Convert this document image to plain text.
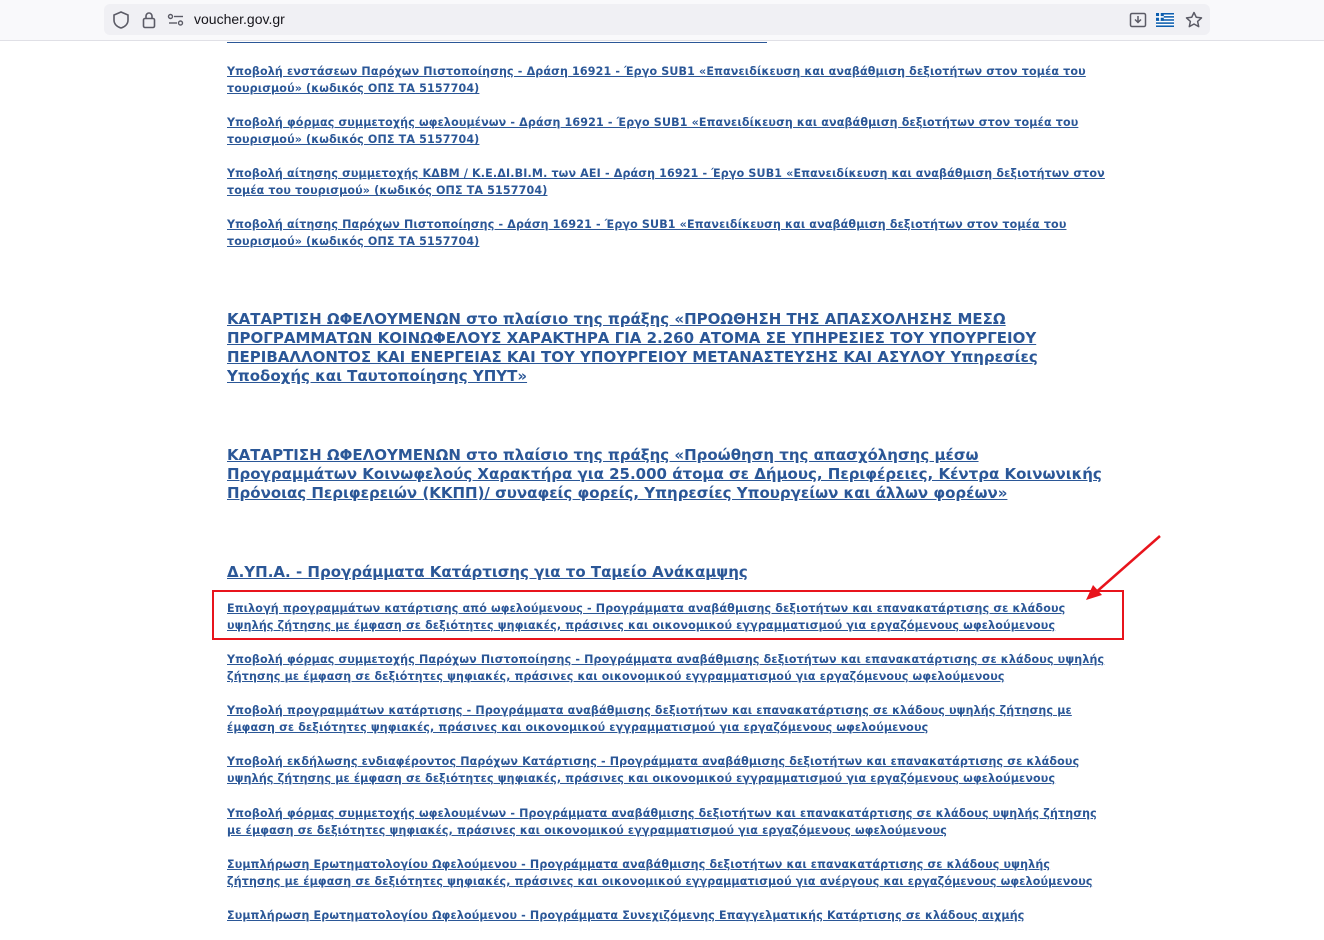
voucher.gov.gr
Υποβολή ενστάσεων Παρόχων Πιστοποίησης - Δράση 16921 - Έργο SUB1 «Επανειδίκευση και αναβάθμιση δεξιοτήτων στον τομέα του τουρισμού» (κωδικός ΟΠΣ ΤΑ 5157704)
Υποβολή φόρμας συμμετοχής ωφελουμένων - Δράση 16921 - Έργο SUB1 «Επανειδίκευση και αναβάθμιση δεξιοτήτων στον τομέα του τουρισμού» (κωδικός ΟΠΣ ΤΑ 5157704)
Υποβολή αίτησης συμμετοχής ΚΔΒΜ / Κ.Ε.ΔΙ.ΒΙ.Μ. των ΑΕΙ - Δράση 16921 - Έργο SUB1 «Επανειδίκευση και αναβάθμιση δεξιοτήτων στον τομέα του τουρισμού» (κωδικός ΟΠΣ ΤΑ 5157704)
Υποβολή αίτησης Παρόχων Πιστοποίησης - Δράση 16921 - Έργο SUB1 «Επανειδίκευση και αναβάθμιση δεξιοτήτων στον τομέα του τουρισμού» (κωδικός ΟΠΣ ΤΑ 5157704)
ΚΑΤΑΡΤΙΣΗ ΩΦΕΛΟΥΜΕΝΩΝ στο πλαίσιο της πράξης «ΠΡΟΩΘΗΣΗ ΤΗΣ ΑΠΑΣΧΟΛΗΣΗΣ ΜΕΣΩ ΠΡΟΓΡΑΜΜΑΤΩΝ ΚΟΙΝΩΦΕΛΟΥΣ ΧΑΡΑΚΤΗΡΑ ΓΙΑ 2.260 ΑΤΟΜΑ ΣΕ ΥΠΗΡΕΣΙΕΣ ΤΟΥ ΥΠΟΥΡΓΕΙΟΥ ΠΕΡΙΒΑΛΛΟΝΤΟΣ ΚΑΙ ΕΝΕΡΓΕΙΑΣ ΚΑΙ ΤΟΥ ΥΠΟΥΡΓΕΙΟΥ ΜΕΤΑΝΑΣΤΕΥΣΗΣ ΚΑΙ ΑΣΥΛΟΥ Υπηρεσίες Υποδοχής και Ταυτοποίησης ΥΠΥΤ»
ΚΑΤΑΡΤΙΣΗ ΩΦΕΛΟΥΜΕΝΩΝ στο πλαίσιο της πράξης «Προώθηση της απασχόλησης μέσω Προγραμμάτων Κοινωφελούς Χαρακτήρα για 25.000 άτομα σε Δήμους, Περιφέρειες, Κέντρα Κοινωνικής Πρόνοιας Περιφερειών (ΚΚΠΠ)/ συναφείς φορείς, Υπηρεσίες Υπουργείων και άλλων φορέων»
Δ.ΥΠ.Α. - Προγράμματα Κατάρτισης για το Ταμείο Ανάκαμψης
Επιλογή προγραμμάτων κατάρτισης από ωφελούμενους - Προγράμματα αναβάθμισης δεξιοτήτων και επανακατάρτισης σε κλάδους υψηλής ζήτησης με έμφαση σε δεξιότητες ψηφιακές, πράσινες και οικονομικού εγγραμματισμού για εργαζόμενους ωφελούμενους
Υποβολή φόρμας συμμετοχής Παρόχων Πιστοποίησης - Προγράμματα αναβάθμισης δεξιοτήτων και επανακατάρτισης σε κλάδους υψηλής ζήτησης με έμφαση σε δεξιότητες ψηφιακές, πράσινες και οικονομικού εγγραμματισμού για εργαζόμενους ωφελούμενους
Υποβολή προγραμμάτων κατάρτισης - Προγράμματα αναβάθμισης δεξιοτήτων και επανακατάρτισης σε κλάδους υψηλής ζήτησης με έμφαση σε δεξιότητες ψηφιακές, πράσινες και οικονομικού εγγραμματισμού για εργαζόμενους ωφελούμενους
Υποβολή εκδήλωσης ενδιαφέροντος Παρόχων Κατάρτισης - Προγράμματα αναβάθμισης δεξιοτήτων και επανακατάρτισης σε κλάδους υψηλής ζήτησης με έμφαση σε δεξιότητες ψηφιακές, πράσινες και οικονομικού εγγραμματισμού για εργαζόμενους ωφελούμενους
Υποβολή φόρμας συμμετοχής ωφελουμένων - Προγράμματα αναβάθμισης δεξιοτήτων και επανακατάρτισης σε κλάδους υψηλής ζήτησης με έμφαση σε δεξιότητες ψηφιακές, πράσινες και οικονομικού εγγραμματισμού για εργαζόμενους ωφελούμενους
Συμπλήρωση Ερωτηματολογίου Ωφελούμενου - Προγράμματα αναβάθμισης δεξιοτήτων και επανακατάρτισης σε κλάδους υψηλής ζήτησης με έμφαση σε δεξιότητες ψηφιακές, πράσινες και οικονομικού εγγραμματισμού για ανέργους και εργαζόμενους ωφελούμενους
Συμπλήρωση Ερωτηματολογίου Ωφελούμενου - Προγράμματα Συνεχιζόμενης Επαγγελματικής Κατάρτισης σε κλάδους αιχμής
